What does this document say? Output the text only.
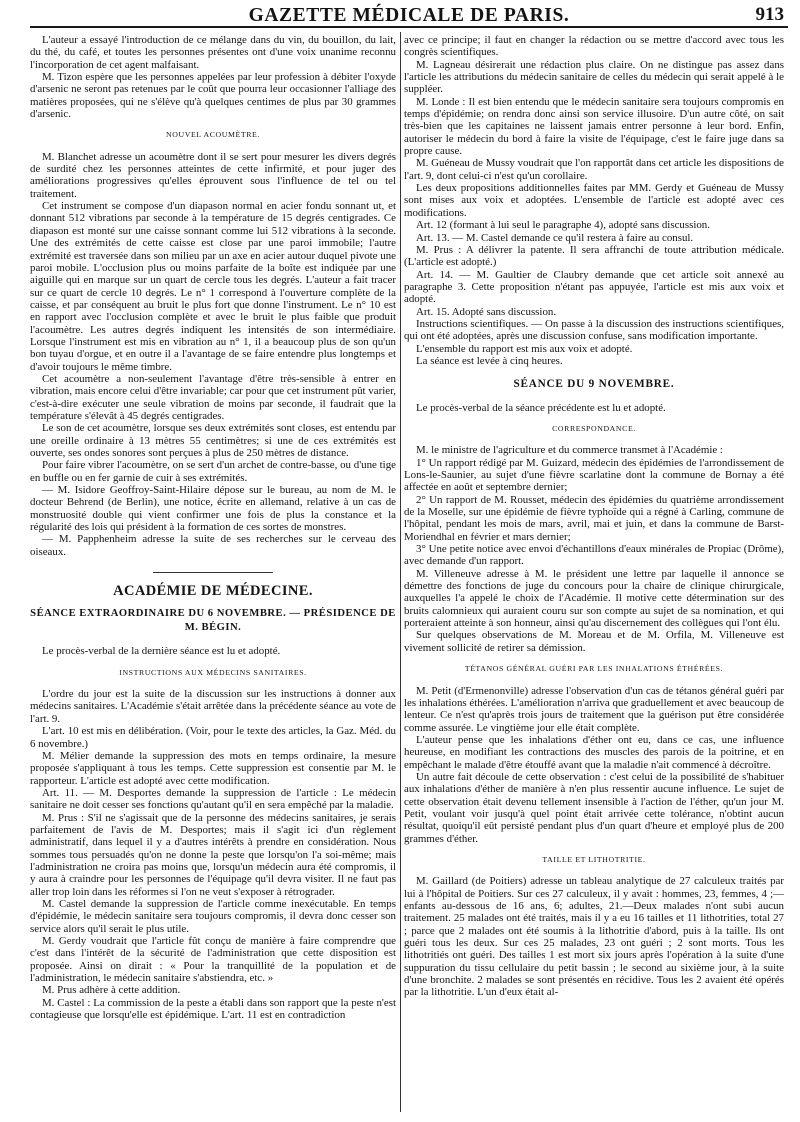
GAZETTE MÉDICALE DE PARIS.	913

L'auteur a essayé l'introduction de ce mélange dans du vin, du bouillon, du lait, du thé, du café, et toutes les personnes présentes ont d'une voix unanime reconnu l'incorporation de cet agent malfaisant.

M. Tizon espère que les personnes appelées par leur profession à débiter l'oxyde d'arsenic ne seront pas retenues par le coût que pourra leur occasionner l'alliage des matières proposées, qui ne s'élève qu'à quelques centimes de plus par 30 grammes d'arsenic.

NOUVEL ACOUMÈTRE.

M. Blanchet adresse un acoumètre dont il se sert pour mesurer les divers degrés de surdité chez les personnes atteintes de cette infirmité, et pour juger des améliorations progressives qu'elles éprouvent sous l'influence de tel ou tel traitement.

Cet instrument se compose d'un diapason normal en acier fondu sonnant ut, et donnant 512 vibrations par seconde à la température de 15 degrés centigrades. Ce diapason est monté sur une caisse sonnant comme lui 512 vibrations à la seconde. Une des extrémités de cette caisse est close par une paroi immobile; l'autre extrémité est traversée dans son milieu par un axe en acier autour duquel pivote une paroi mobile. L'occlusion plus ou moins parfaite de la boîte est indiquée par une aiguille qui en marque sur un quart de cercle tous les degrés. L'auteur a fait tracer sur ce quart de cercle 10 degrés. Le n° 1 correspond à l'ouverture complète de la caisse, et par conséquent au bruit le plus fort que donne l'instrument. Le n° 10 est en rapport avec l'occlusion complète et avec le bruit le plus faible que produit l'acoumètre. Les autres degrés indiquent les intensités de son intermédiaire. Lorsque l'instrument est mis en vibration au n° 1, il a beaucoup plus de son qu'un bon tuyau d'orgue, et en outre il a l'avantage de se faire entendre plus longtemps et d'avoir toujours le même timbre.

Cet acoumètre a non-seulement l'avantage d'être très-sensible à entrer en vibration, mais encore celui d'être invariable; car pour que cet instrument pût varier, c'est-à-dire exécuter une seule vibration de moins par seconde, il faudrait que la température s'élevât à 45 degrés centigrades.

Le son de cet acoumètre, lorsque ses deux extrémités sont closes, est entendu par une oreille ordinaire à 13 mètres 55 centimètres; si une de ces extrémités est ouverte, ses ondes sonores sont perçues à plus de 250 mètres de distance.

Pour faire vibrer l'acoumètre, on se sert d'un archet de contre-basse, ou d'une tige en buffle ou en fer garnie de cuir à ses extrémités.

— M. Isidore Geoffroy-Saint-Hilaire dépose sur le bureau, au nom de M. le docteur Behrend (de Berlin), une notice, écrite en allemand, relative à un cas de monstruosité double qui vient confirmer une fois de plus la constance et la régularité des lois qui président à la formation de ces sortes de monstres.

— M. Papphenheim adresse la suite de ses recherches sur le cerveau des oiseaux.

ACADÉMIE DE MÉDECINE.
SÉANCE EXTRAORDINAIRE DU 6 NOVEMBRE. — PRÉSIDENCE DE M. BÉGIN.

Le procès-verbal de la dernière séance est lu et adopté.

INSTRUCTIONS AUX MÉDECINS SANITAIRES.

L'ordre du jour est la suite de la discussion sur les instructions à donner aux médecins sanitaires. L'Académie s'était arrêtée dans la précédente séance au vote de l'art. 9.

L'art. 10 est mis en délibération. (Voir, pour le texte des articles, la Gaz. Méd. du 6 novembre.)

M. Mélier demande la suppression des mots en temps ordinaire, la mesure proposée s'appliquant à tous les temps. Cette suppression est consentie par M. le rapporteur. L'article est adopté avec cette modification.

Art. 11. — M. Desportes demande la suppression de l'article : Le médecin sanitaire ne doit cesser ses fonctions qu'autant qu'il en sera empêché par la maladie.

M. Prus : S'il ne s'agissait que de la personne des médecins sanitaires, je serais parfaitement de l'avis de M. Desportes; mais il s'agit ici d'un règlement administratif, dans lequel il y a d'autres intérêts à prendre en considération. Nous sommes tous persuadés qu'on ne donne la peste que lorsqu'on l'a soi-même; mais l'administration ne croira pas moins que, lorsqu'un médecin aura été compromis, il y aura à craindre pour les personnes de l'équipage qu'il devra visiter. Il ne faut pas aller trop loin dans les réformes si l'on ne veut s'exposer à rétrograder.

M. Castel demande la suppression de l'article comme inexécutable. En temps d'épidémie, le médecin sanitaire sera toujours compromis, il devra donc cesser son service alors qu'il serait le plus utile.

M. Gerdy voudrait que l'article fût conçu de manière à faire comprendre que c'est dans l'intérêt de la sécurité de l'administration que cette disposition est proposée. Ainsi on dirait : « Pour la tranquillité de la population et de l'administration, le médecin sanitaire s'abstiendra, etc. »

M. Prus adhère à cette addition.

M. Castel : La commission de la peste a établi dans son rapport que la peste n'est contagieuse que lorsqu'elle est épidémique. L'art. 11 est en contradiction

avec ce principe; il faut en changer la rédaction ou se mettre d'accord avec tous les congrès scientifiques.

M. Lagneau désirerait une rédaction plus claire. On ne distingue pas assez dans l'article les attributions du médecin sanitaire de celles du médecin qui serait appelé à le suppléer.

M. Londe : Il est bien entendu que le médecin sanitaire sera toujours compromis en temps d'épidémie; on rendra donc ainsi son service illusoire. D'un autre côté, on sait très-bien que les capitaines ne laissent jamais entrer personne à leur bord. Enfin, autoriser le médecin du bord à faire la visite de l'équipage, c'est le faire juge dans sa propre cause.

M. Guéneau de Mussy voudrait que l'on rapportât dans cet article les dispositions de l'art. 9, dont celui-ci n'est qu'un corollaire.

Les deux propositions additionnelles faites par MM. Gerdy et Guéneau de Mussy sont mises aux voix et adoptées. L'ensemble de l'article est adopté avec ces modifications.

Art. 12 (formant à lui seul le paragraphe 4), adopté sans discussion.

Art. 13. — M. Castel demande ce qu'il restera à faire au consul.

M. Prus : A délivrer la patente. Il sera affranchi de toute attribution médicale. (L'article est adopté.)

Art. 14. — M. Gaultier de Claubry demande que cet article soit annexé au paragraphe 3. Cette proposition n'étant pas appuyée, l'article est mis aux voix et adopté.

Art. 15. Adopté sans discussion.

Instructions scientifiques. — On passe à la discussion des instructions scientifiques, qui ont été adoptées, après une discussion confuse, sans modification importante.

L'ensemble du rapport est mis aux voix et adopté.

La séance est levée à cinq heures.

SÉANCE DU 9 NOVEMBRE.

Le procès-verbal de la séance précédente est lu et adopté.

CORRESPONDANCE.

M. le ministre de l'agriculture et du commerce transmet à l'Académie :

1° Un rapport rédigé par M. Guizard, médecin des épidémies de l'arrondissement de Lons-le-Saunier, au sujet d'une fièvre scarlatine dont la commune de Bornay a été affectée en août et septembre dernier;

2° Un rapport de M. Rousset, médecin des épidémies du quatrième arrondissement de la Moselle, sur une épidémie de fièvre typhoïde qui a régné à Carling, commune de l'hôpital, pendant les mois de mars, avril, mai et juin, et dans la commune de Barst-Moriendhal en février et mars dernier;

3° Une petite notice avec envoi d'échantillons d'eaux minérales de Propiac (Drôme), avec demande d'un rapport.

M. Villeneuve adresse à M. le président une lettre par laquelle il annonce se démettre des fonctions de juge du concours pour la chaire de clinique chirurgicale, auxquelles l'a appelé le choix de l'Académie. Il motive cette détermination sur des bruits calomnieux qui auraient couru sur son compte au sujet de sa nomination, et qui porteraient atteinte à son honneur, ainsi qu'au discernement des collègues qui l'ont élu.

Sur quelques observations de M. Moreau et de M. Orfila, M. Villeneuve est vivement sollicité de retirer sa démission.

TÉTANOS GÉNÉRAL GUÉRI PAR LES INHALATIONS ÉTHÉRÉES.

M. Petit (d'Ermenonville) adresse l'observation d'un cas de tétanos général guéri par les inhalations éthérées. L'amélioration n'arriva que graduellement et avec beaucoup de lenteur. Ce n'est qu'après trois jours de traitement que la guérison put être considérée comme assurée. Le vingtième jour elle était complète.

L'auteur pense que les inhalations d'éther ont eu, dans ce cas, une influence heureuse, en modifiant les contractions des muscles des parois de la poitrine, et en empêchant le malade d'être étouffé avant que la maladie n'ait commencé à décroître.

Un autre fait découle de cette observation : c'est celui de la possibilité de s'habituer aux inhalations d'éther de manière à n'en plus ressentir aucune influence. Le sujet de cette observation était devenu tellement insensible à l'action de l'éther, qu'un jour M. Petit, voulant voir jusqu'à quel point était arrivée cette tolérance, n'obtint aucun résultat, quoiqu'il eût persisté pendant plus d'un quart d'heure et employé plus de 200 grammes d'éther.

TAILLE ET LITHOTRITIE.

M. Gaillard (de Poitiers) adresse un tableau analytique de 27 calculeux traités par lui à l'hôpital de Poitiers. Sur ces 27 calculeux, il y avait : hommes, 23, femmes, 4 ;—enfants au-dessous de 16 ans, 6; adultes, 21.—Deux malades n'ont subi aucun traitement. 25 malades ont été traités, mais il y a eu 16 tailles et 11 lithotrities, total 27 ; parce que 2 malades ont été soumis à la lithotritie d'abord, puis à la taille. Ils ont guéri tous les deux. Sur ces 25 malades, 23 ont guéri ; 2 sont morts. Tous les lithotritiés ont guéri. Des tailles 1 est mort six jours après l'opération à la suite d'une suppuration du tissu cellulaire du petit bassin ; le second au sixième jour, à la suite d'une bronchite. 2 malades se sont présentés en récidive. Tous les 2 avaient été opérés par la lithotritie. L'un d'eux était al-
